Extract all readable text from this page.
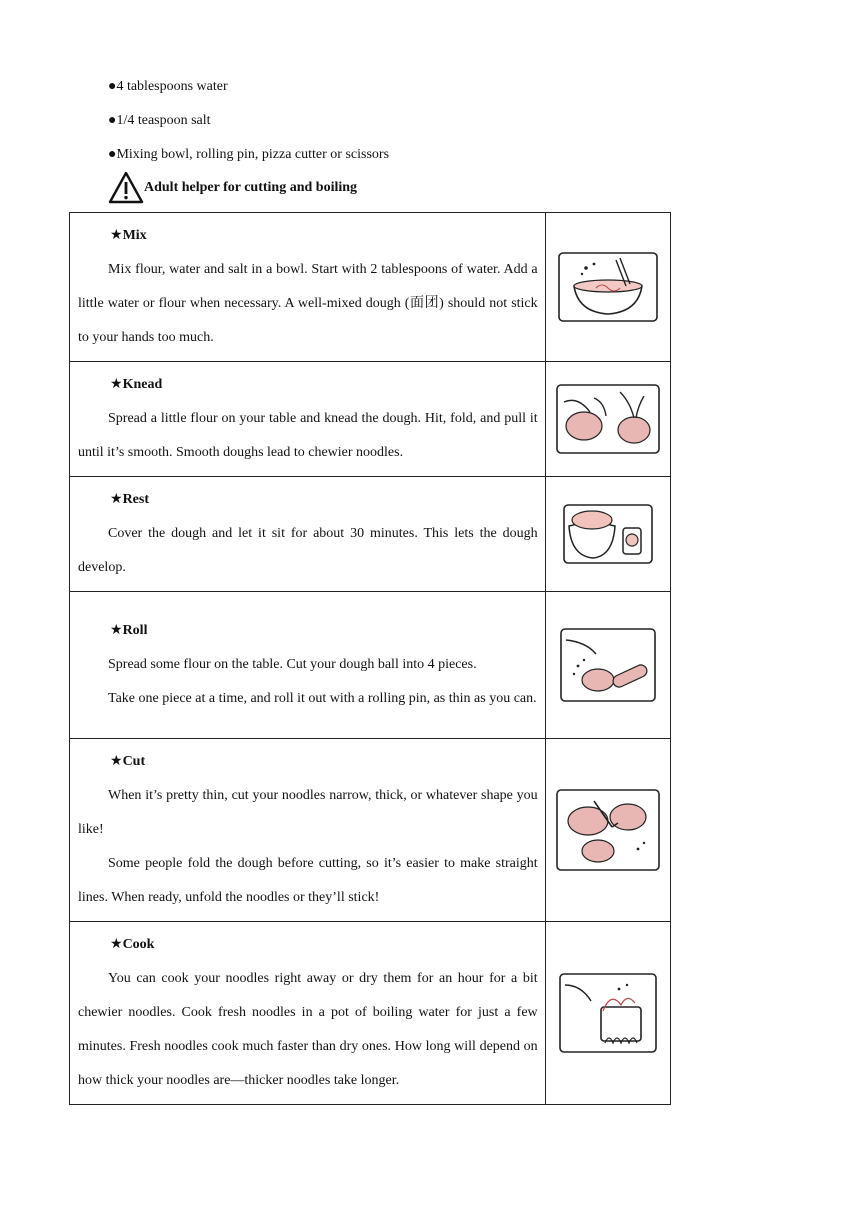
●4 tablespoons water
●1/4 teaspoon salt
●Mixing bowl, rolling pin, pizza cutter or scissors
Adult helper for cutting and boiling
★Mix
Mix flour, water and salt in a bowl. Start with 2 tablespoons of water. Add a little water or flour when necessary. A well-mixed dough (面团) should not stick to your hands too much.

★Knead
Spread a little flour on your table and knead the dough. Hit, fold, and pull it until it’s smooth. Smooth doughs lead to chewier noodles.

★Rest
Cover the dough and let it sit for about 30 minutes. This lets the dough develop.

★Roll
Spread some flour on the table. Cut your dough ball into 4 pieces.
Take one piece at a time, and roll it out with a rolling pin, as thin as you can.

★Cut
When it’s pretty thin, cut your noodles narrow, thick, or whatever shape you like!
Some people fold the dough before cutting, so it’s easier to make straight lines. When ready, unfold the noodles or they’ll stick!

★Cook
You can cook your noodles right away or dry them for an hour for a bit chewier noodles. Cook fresh noodles in a pot of boiling water for just a few minutes. Fresh noodles cook much faster than dry ones. How long will depend on how thick your noodles are—thicker noodles take longer.
